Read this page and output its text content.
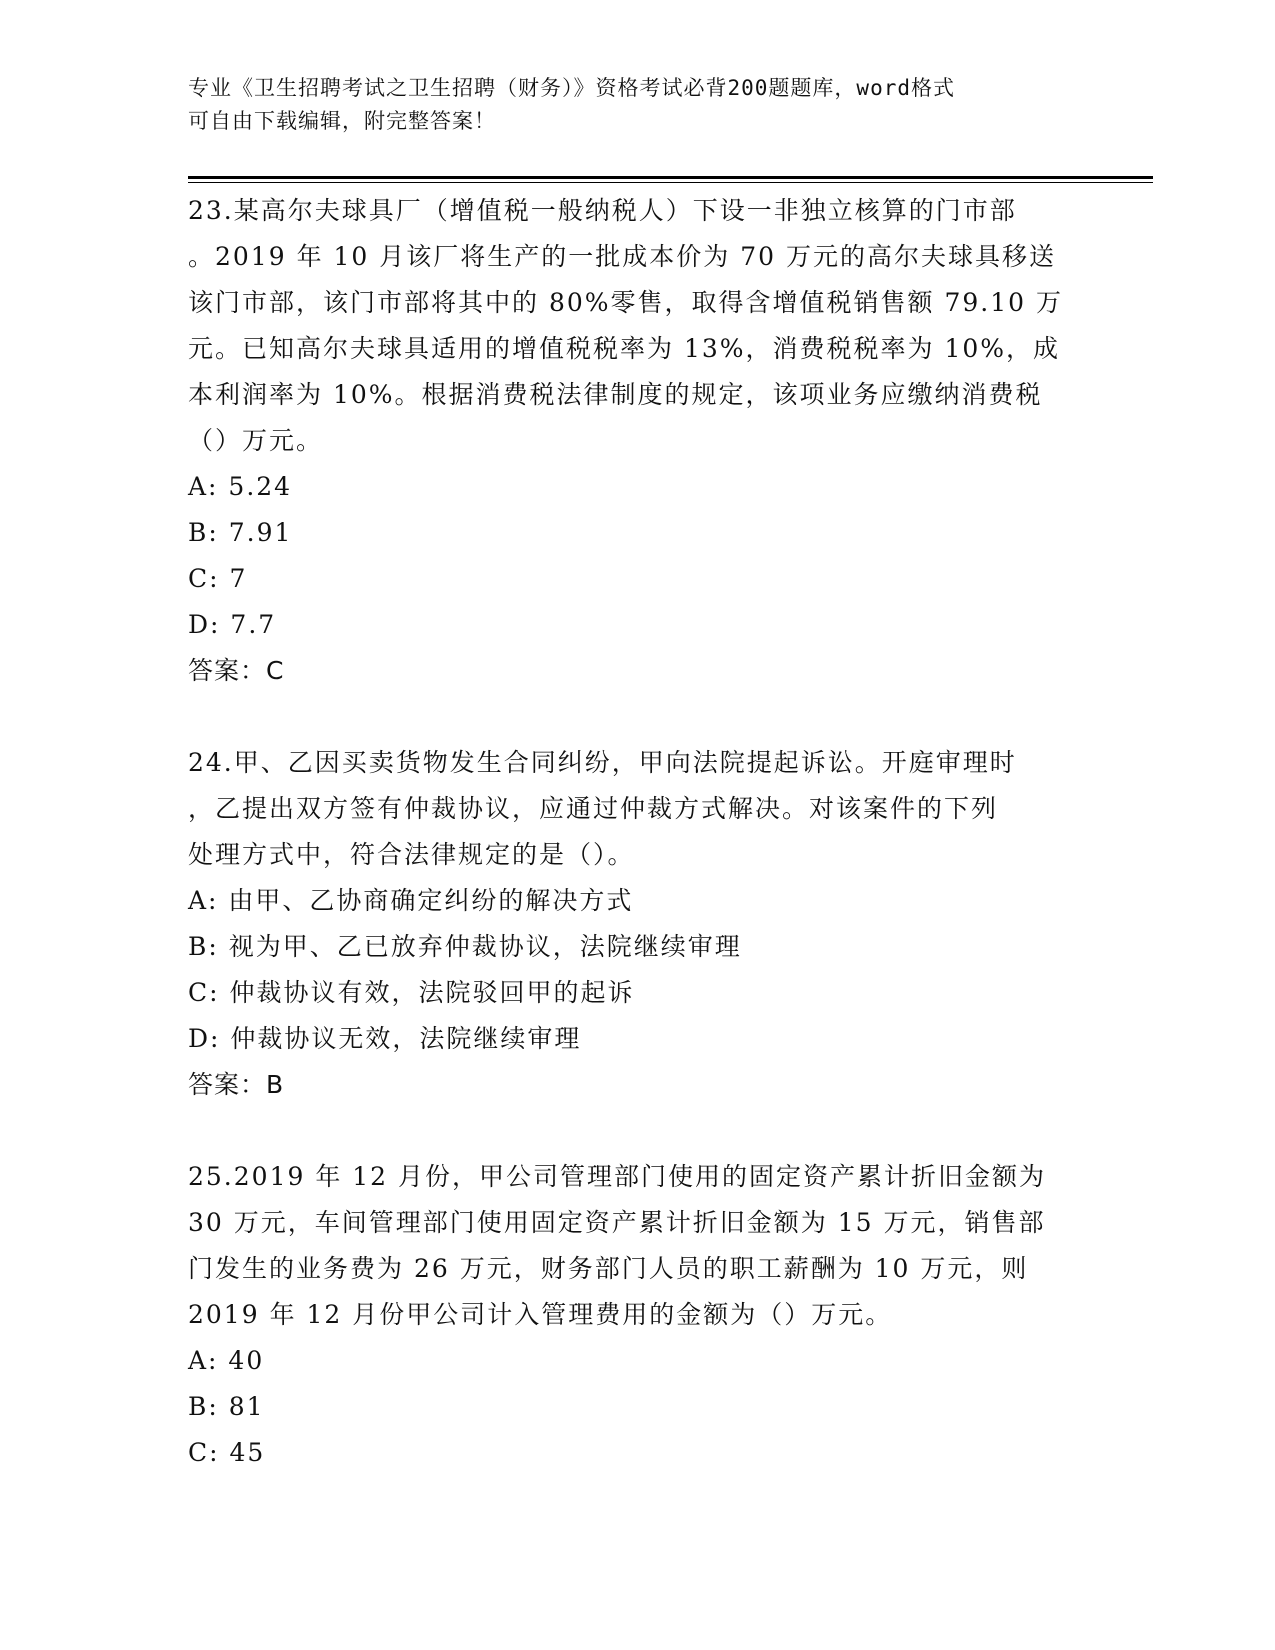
专业《卫生招聘考试之卫生招聘（财务）》资格考试必背200题题库，word格式
可自由下载编辑，附完整答案！
23.某高尔夫球具厂（增值税一般纳税人）下设一非独立核算的门市部
。2019 年 10 月该厂将生产的一批成本价为 70 万元的高尔夫球具移送
该门市部，该门市部将其中的 80%零售，取得含增值税销售额 79.10 万
元。已知高尔夫球具适用的增值税税率为 13%，消费税税率为 10%，成
本利润率为 10%。根据消费税法律制度的规定，该项业务应缴纳消费税
（）万元。
A: 5.24
B: 7.91
C: 7
D: 7.7
答案：C
24.甲、乙因买卖货物发生合同纠纷，甲向法院提起诉讼。开庭审理时
，乙提出双方签有仲裁协议，应通过仲裁方式解决。对该案件的下列
处理方式中，符合法律规定的是（）。
A: 由甲、乙协商确定纠纷的解决方式
B: 视为甲、乙已放弃仲裁协议，法院继续审理
C: 仲裁协议有效，法院驳回甲的起诉
D: 仲裁协议无效，法院继续审理
答案：B
25.2019 年 12 月份，甲公司管理部门使用的固定资产累计折旧金额为
30 万元，车间管理部门使用固定资产累计折旧金额为 15 万元，销售部
门发生的业务费为 26 万元，财务部门人员的职工薪酬为 10 万元，则
2019 年 12 月份甲公司计入管理费用的金额为（）万元。
A: 40
B: 81
C: 45
